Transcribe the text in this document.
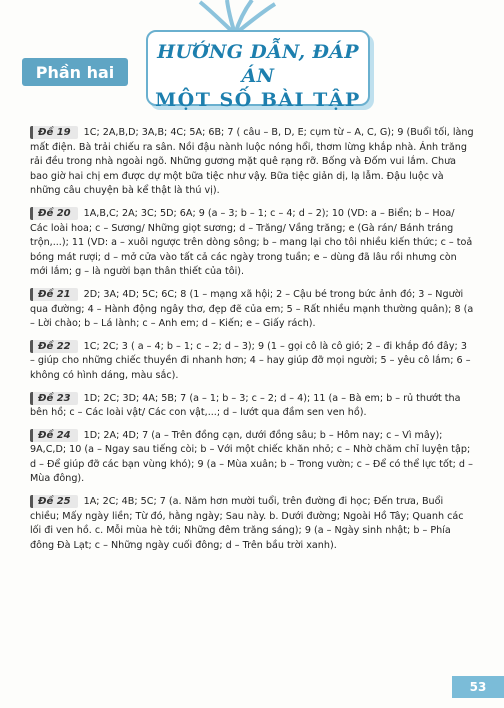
Phần hai
HƯỚNG DẪN, ĐÁP ÁN
MỘT SỐ BÀI TẬP
Đề 19 1C; 2A,B,D; 3A,B; 4C; 5A; 6B; 7 ( câu – B, D, E; cụm từ – A, C, G); 9 (Buổi tối, làng mất điện. Bà trải chiếu ra sân. Nồi đậu nành luộc nóng hổi, thơm lừng khắp nhà. Ánh trăng rải đều trong nhà ngoài ngõ. Những gương mặt quê rạng rỡ. Bống và Đốm vui lắm. Chưa bao giờ hai chị em được dự một bữa tiệc như vậy. Bữa tiệc giản dị, lạ lẫm. Đậu luộc và những câu chuyện bà kể thật là thú vị).
Đề 20 1A,B,C; 2A; 3C; 5D; 6A; 9 (a – 3; b – 1; c – 4; d – 2); 10 (VD: a – Biển; b – Hoa/ Các loài hoa; c – Sương/ Những giọt sương; d – Trăng/ Vầng trăng; e (Gà rán/ Bánh tráng trộn,...); 11 (VD: a – xuôi ngược trên dòng sông; b – mang lại cho tôi nhiều kiến thức; c – toả bóng mát rượi; d – mở cửa vào tất cả các ngày trong tuần; e – dùng đã lâu rồi nhưng còn mới lắm; g – là người bạn thân thiết của tôi).
Đề 21 2D; 3A; 4D; 5C; 6C; 8 (1 – mạng xã hội; 2 – Cậu bé trong bức ảnh đó; 3 – Người qua đường; 4 – Hành động ngây thơ, đẹp đẽ của em; 5 – Rất nhiều mạnh thường quân); 8 (a – Lời chào; b – Lá lành; c – Anh em; d – Kiến; e – Giấy rách).
Đề 22 1C; 2C; 3 ( a – 4; b – 1; c – 2; d – 3); 9 (1 – gọi cô là cô gió; 2 – đi khắp đó đây; 3 – giúp cho những chiếc thuyền đi nhanh hơn; 4 – hay giúp đỡ mọi người; 5 – yêu cô lắm; 6 – không có hình dáng, màu sắc).
Đề 23 1D; 2C; 3D; 4A; 5B; 7 (a – 1; b – 3; c – 2; d – 4); 11 (a – Bà em; b – rủ thướt tha bên hồ; c – Các loài vật/ Các con vật,...; d – lướt qua đầm sen ven hồ).
Đề 24 1D; 2A; 4D; 7 (a – Trên đồng cạn, dưới đồng sâu; b – Hôm nay; c – Vì mây); 9A,C,D; 10 (a – Ngay sau tiếng còi; b – Với một chiếc khăn nhỏ; c – Nhờ chăm chỉ luyện tập; d – Để giúp đỡ các bạn vùng khó); 9 (a – Mùa xuân; b – Trong vườn; c – Để có thể lực tốt; d – Mùa đông).
Đề 25 1A; 2C; 4B; 5C; 7 (a. Năm hơn mười tuổi, trên đường đi học; Đến trưa, Buổi chiều; Mấy ngày liền; Từ đó, hằng ngày; Sau này. b. Dưới đường; Ngoài Hồ Tây; Quanh các lối đi ven hồ. c. Mỗi mùa hè tới; Những đêm trăng sáng); 9 (a – Ngày sinh nhật; b – Phía đông Đà Lạt; c – Những ngày cuối đông; d – Trên bầu trời xanh).
53
